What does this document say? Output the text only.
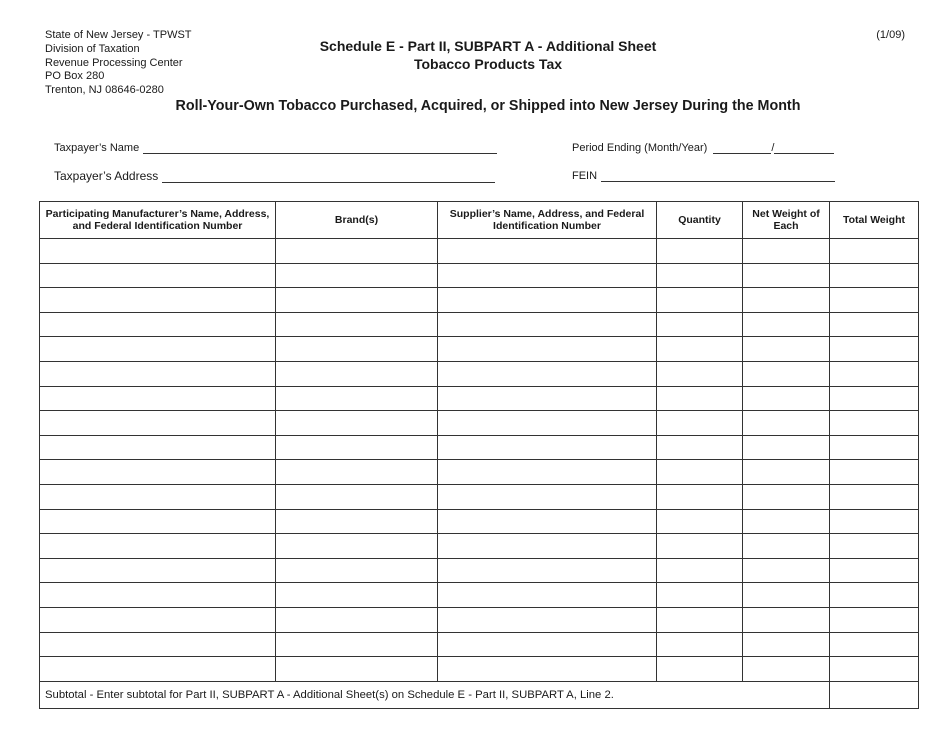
State of New Jersey - TPWST
Division of Taxation
Revenue Processing Center
PO Box 280
Trenton, NJ 08646-0280
Schedule E - Part II, SUBPART A - Additional Sheet
Tobacco Products Tax
(1/09)
Roll-Your-Own Tobacco Purchased, Acquired, or Shipped into New Jersey During the Month
Taxpayer’s Name
Taxpayer’s Address
Period Ending (Month/Year)	/
FEIN
Participating Manufacturer’s Name, Address, and Federal Identification Number	Brand(s)	Supplier’s Name, Address, and Federal Identification Number	Quantity	Net Weight of Each	Total Weight

Subtotal - Enter subtotal for Part II, SUBPART A - Additional Sheet(s) on Schedule E - Part II, SUBPART A, Line 2.					
